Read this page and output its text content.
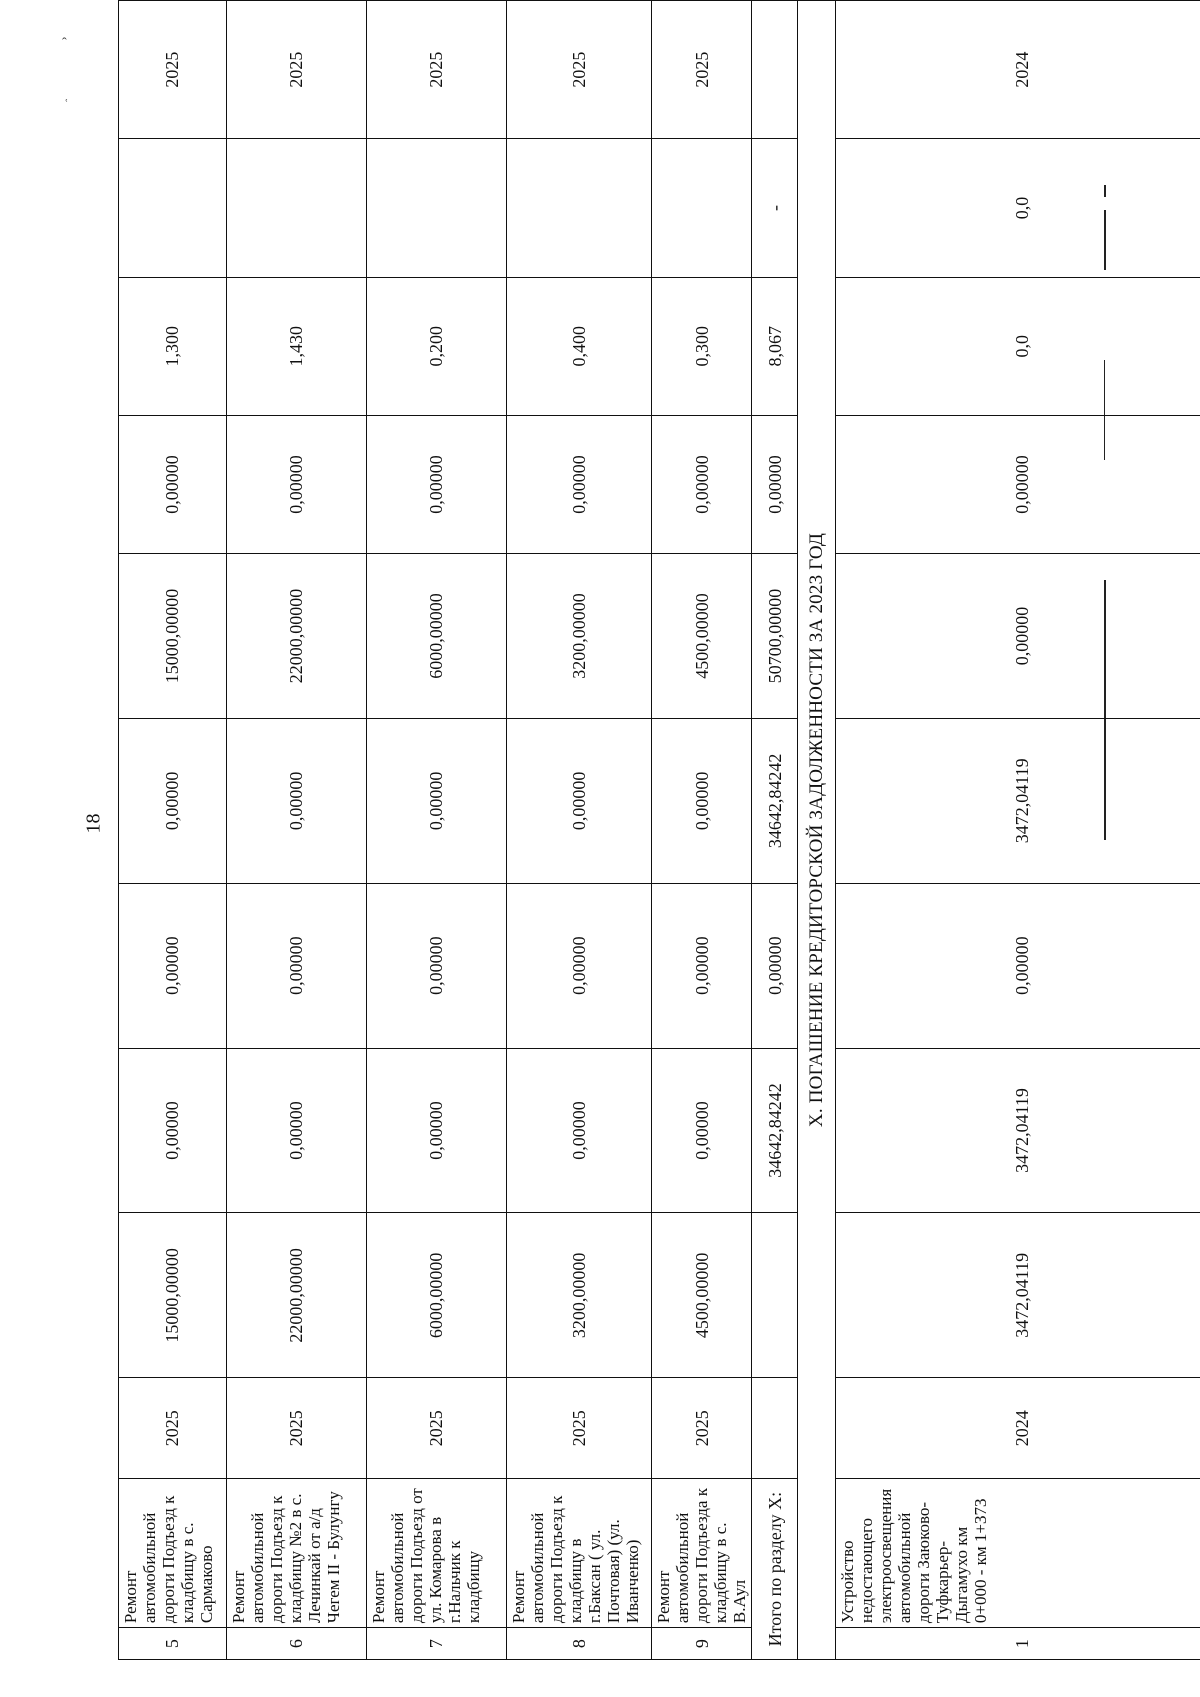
ˆ
ʿ
18
5	Ремонт автомобильной дороги Подъезд к кладбищу в с. Сармаково	2025	15000,00000	0,00000	0,00000	0,00000	15000,00000	0,00000	1,300		2025
6	Ремонт автомобильной дороги Подъезд к кладбищу №2 в с. Лечинкай от а/д Чегем II - Булунгу	2025	22000,00000	0,00000	0,00000	0,00000	22000,00000	0,00000	1,430		2025
7	Ремонт автомобильной дороги Подъезд от ул. Комарова в г.Нальчик к кладбищу	2025	6000,00000	0,00000	0,00000	0,00000	6000,00000	0,00000	0,200		2025
8	Ремонт автомобильной дороги Подъезд к кладбищу в г.Баксан ( ул. Почтовая) (ул. Иванченко)	2025	3200,00000	0,00000	0,00000	0,00000	3200,00000	0,00000	0,400		2025
9	Ремонт автомобильной дороги Подъезда к кладбищу в с. В.Аул	2025	4500,00000	0,00000	0,00000	0,00000	4500,00000	0,00000	0,300		2025
Итого по разделу X:				34642,84242	0,00000	34642,84242	50700,00000	0,00000	8,067	-	
X. ПОГАШЕНИЕ КРЕДИТОРСКОЙ ЗАДОЛЖЕННОСТИ ЗА 2023 ГОД											
1	Устройство недостающего электроосвещения автомобильной дороги Заюково-Туфкарьер-Дыгамухо км 0+000 - км 1+373	2024	3472,04119	3472,04119	0,00000	3472,04119	0,00000	0,00000	0,0	0,0	2024
